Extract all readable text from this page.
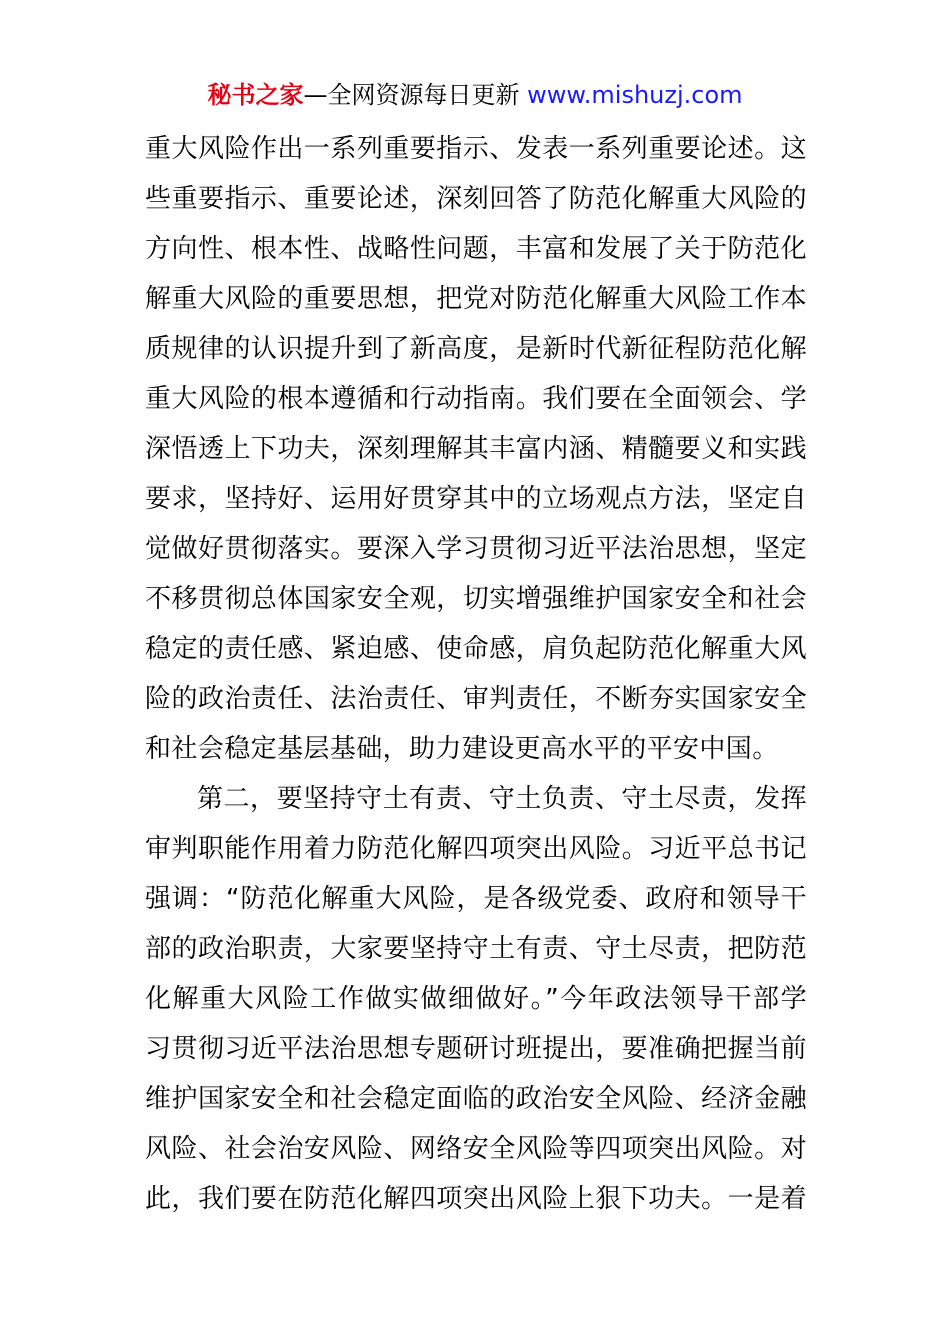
秘书之家—全网资源每日更新 www.mishuzj.com
重大风险作出一系列重要指示、发表一系列重要论述。这
些重要指示、重要论述，深刻回答了防范化解重大风险的
方向性、根本性、战略性问题，丰富和发展了关于防范化
解重大风险的重要思想，把党对防范化解重大风险工作本
质规律的认识提升到了新高度，是新时代新征程防范化解
重大风险的根本遵循和行动指南。我们要在全面领会、学
深悟透上下功夫，深刻理解其丰富内涵、精髓要义和实践
要求，坚持好、运用好贯穿其中的立场观点方法，坚定自
觉做好贯彻落实。要深入学习贯彻习近平法治思想，坚定
不移贯彻总体国家安全观，切实增强维护国家安全和社会
稳定的责任感、紧迫感、使命感，肩负起防范化解重大风
险的政治责任、法治责任、审判责任，不断夯实国家安全
和社会稳定基层基础，助力建设更高水平的平安中国。
第二，要坚持守土有责、守土负责、守土尽责，发挥
审判职能作用着力防范化解四项突出风险。习近平总书记
强调：“防范化解重大风险，是各级党委、政府和领导干
部的政治职责，大家要坚持守土有责、守土尽责，把防范
化解重大风险工作做实做细做好。”今年政法领导干部学
习贯彻习近平法治思想专题研讨班提出，要准确把握当前
维护国家安全和社会稳定面临的政治安全风险、经济金融
风险、社会治安风险、网络安全风险等四项突出风险。对
此，我们要在防范化解四项突出风险上狠下功夫。一是着
